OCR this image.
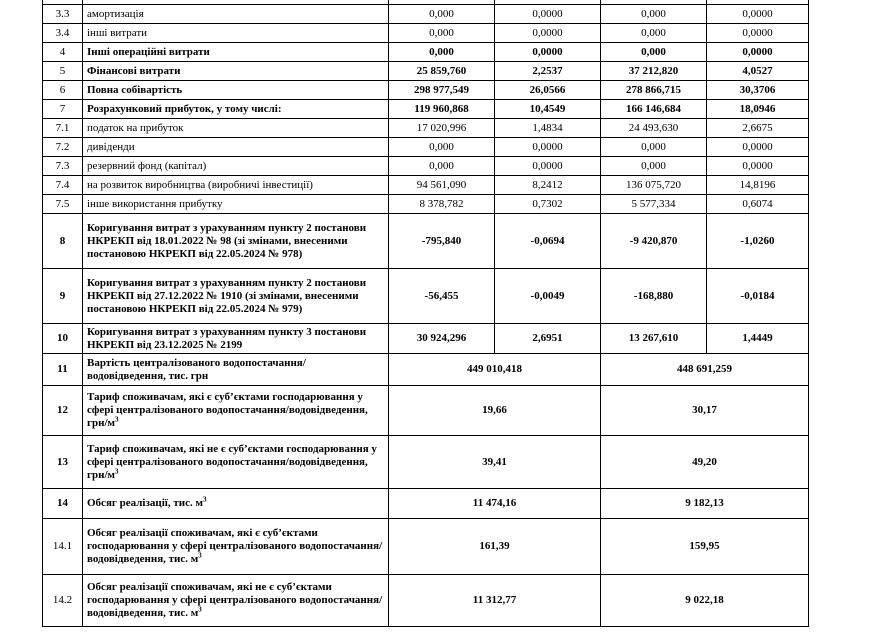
3.3	амортизація	0,000	0,0000	0,000	0,0000
3.4	інші витрати	0,000	0,0000	0,000	0,0000
4	Інші операційні витрати	0,000	0,0000	0,000	0,0000
5	Фінансові витрати	25 859,760	2,2537	37 212,820	4,0527
6	Повна собівартість	298 977,549	26,0566	278 866,715	30,3706
7	Розрахунковий прибуток, у тому числі:	119 960,868	10,4549	166 146,684	18,0946
7.1	податок на прибуток	17 020,996	1,4834	24 493,630	2,6675
7.2	дивіденди	0,000	0,0000	0,000	0,0000
7.3	резервний фонд (капітал)	0,000	0,0000	0,000	0,0000
7.4	на розвиток виробництва (виробничі інвестиції)	94 561,090	8,2412	136 075,720	14,8196
7.5	інше використання прибутку	8 378,782	0,7302	5 577,334	0,6074
8	Коригування витрат з урахуванням пункту 2 постанови НКРЕКП від 18.01.2022 № 98 (зі змінами, внесеними постановою НКРЕКП від 22.05.2024 № 978)	-795,840	-0,0694	-9 420,870	-1,0260
9	Коригування витрат з урахуванням пункту 2 постанови НКРЕКП від 27.12.2022 № 1910 (зі змінами, внесеними постановою НКРЕКП від 22.05.2024 № 979)	-56,455	-0,0049	-168,880	-0,0184
10	Коригування витрат з урахуванням пункту 3 постанови НКРЕКП від 23.12.2025 № 2199	30 924,296	2,6951	13 267,610	1,4449
11	Вартість централізованого водопостачання/водовідведення, тис. грн	449 010,418		448 691,259	
12	Тариф споживачам, які є суб’єктами господарювання у сфері централізованого водопостачання/водовідведення, грн/$м^3$	19,66		30,17	
13	Тариф споживачам, які не є суб’єктами господарювання у сфері централізованого водопостачання/водовідведення, грн/$м^3$	39,41		49,20	
14	Обсяг реалізації, тис. $м^3$	11 474,16		9 182,13	
14.1	Обсяг реалізації споживачам, які є суб’єктами господарювання у сфері централізованого водопостачання/водовідведення, тис. $м^3$	161,39		159,95	
14.2	Обсяг реалізації споживачам, які не є суб’єктами господарювання у сфері централізованого водопостачання/водовідведення, тис. $м^3$	11 312,77		9 022,18	
